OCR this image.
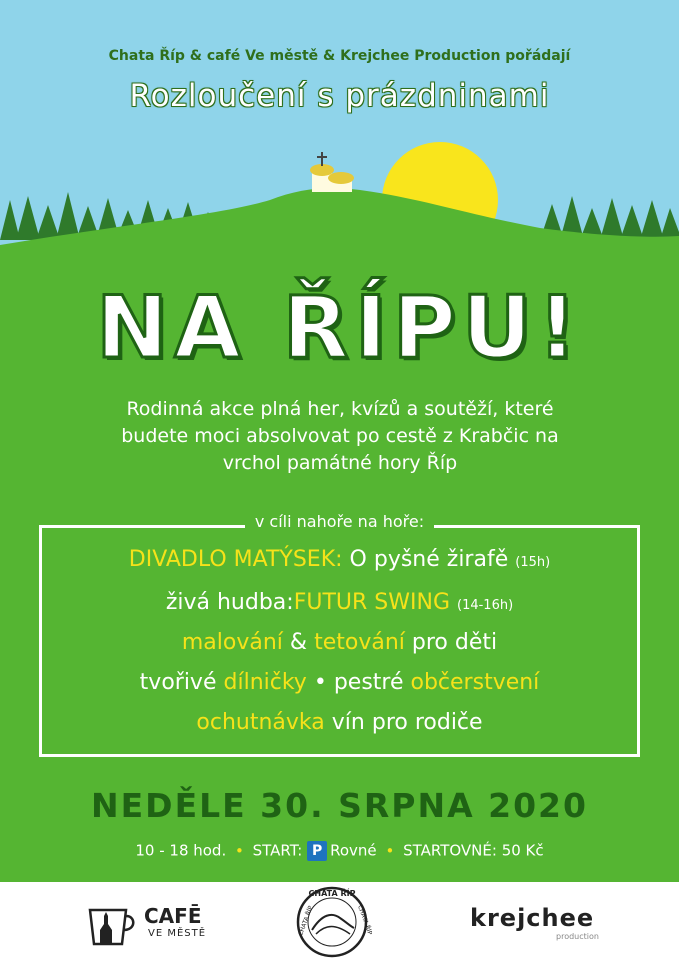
Chata Říp & café Ve městě & Krejchee Production pořádají
Rozloučení s prázdninami
NA ŘÍPU!
Rodinná akce plná her, kvízů a soutěží, které
budete moci absolvovat po cestě z Krabčic na
vrchol památné hory Říp
v cíli nahoře na hoře:
DIVADLO MATÝSEK: O pyšné žirafě (15h)
živá hudba:FUTUR SWING (14-16h)
malování & tetování pro děti
tvořivé dílničky • pestré občerstvení
ochutnávka vín pro rodiče
NEDĚLE 30. SRPNA 2020
10 - 18 hod. • START: P Rovné • STARTOVNÉ: 50 Kč
CAFĒ
VE MĚSTĚ
CHATA ŘÍP
CHATA ŘÍP	CHATA ŘÍP	krejchee
production
